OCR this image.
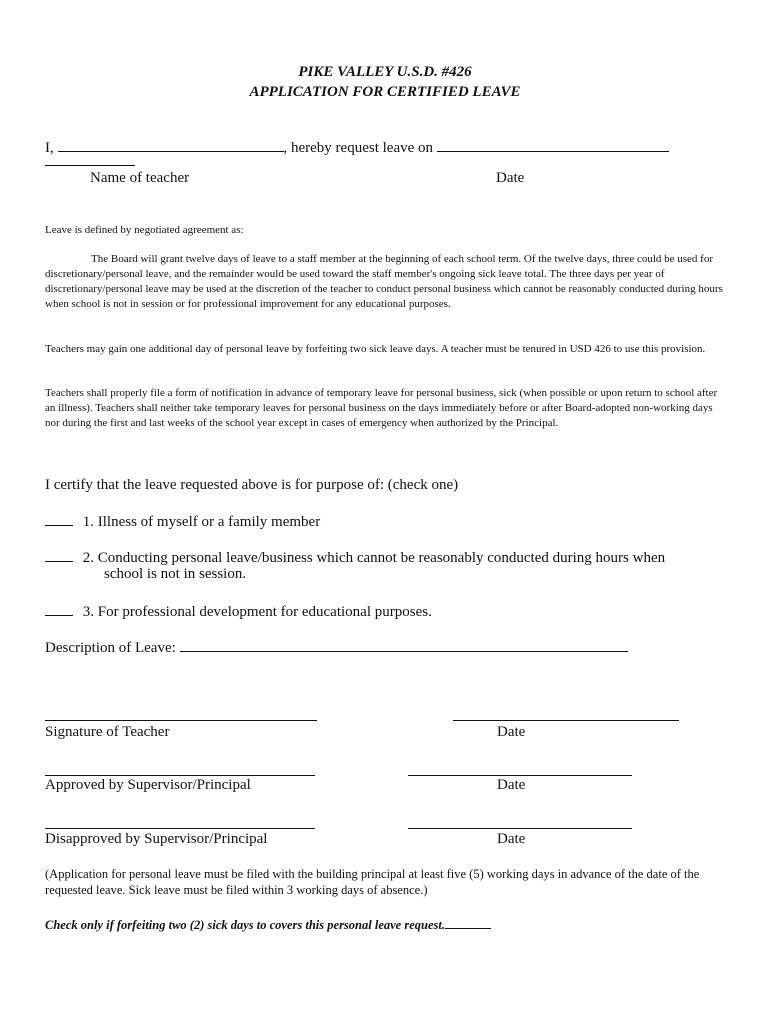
PIKE VALLEY U.S.D. #426
APPLICATION FOR CERTIFIED LEAVE
I,	, hereby request leave on
Name of teacher	Date
Leave is defined by negotiated agreement as:
The Board will grant twelve days of leave to a staff member at the beginning of each school term. Of the twelve days, three could be used for discretionary/personal leave, and the remainder would be used toward the staff member's ongoing sick leave total. The three days per year of discretionary/personal leave may be used at the discretion of the teacher to conduct personal business which cannot be reasonably conducted during hours when school is not in session or for professional improvement for any educational purposes.
Teachers may gain one additional day of personal leave by forfeiting two sick leave days. A teacher must be tenured in USD 426 to use this provision.
Teachers shall properly file a form of notification in advance of temporary leave for personal business, sick (when possible or upon return to school after an illness). Teachers shall neither take temporary leaves for personal business on the days immediately before or after Board-adopted non-working days nor during the first and last weeks of the school year except in cases of emergency when authorized by the Principal.
I certify that the leave requested above is for purpose of: (check one)
1. Illness of myself or a family member
2. Conducting personal leave/business which cannot be reasonably conducted during hours when
school is not in session.
3. For professional development for educational purposes.
Description of Leave:
Signature of Teacher	Date
Approved by Supervisor/Principal	Date
Disapproved by Supervisor/Principal	Date
(Application for personal leave must be filed with the building principal at least five (5) working days in advance of the date of the requested leave. Sick leave must be filed within 3 working days of absence.)
Check only if forfeiting two (2) sick days to covers this personal leave request.
